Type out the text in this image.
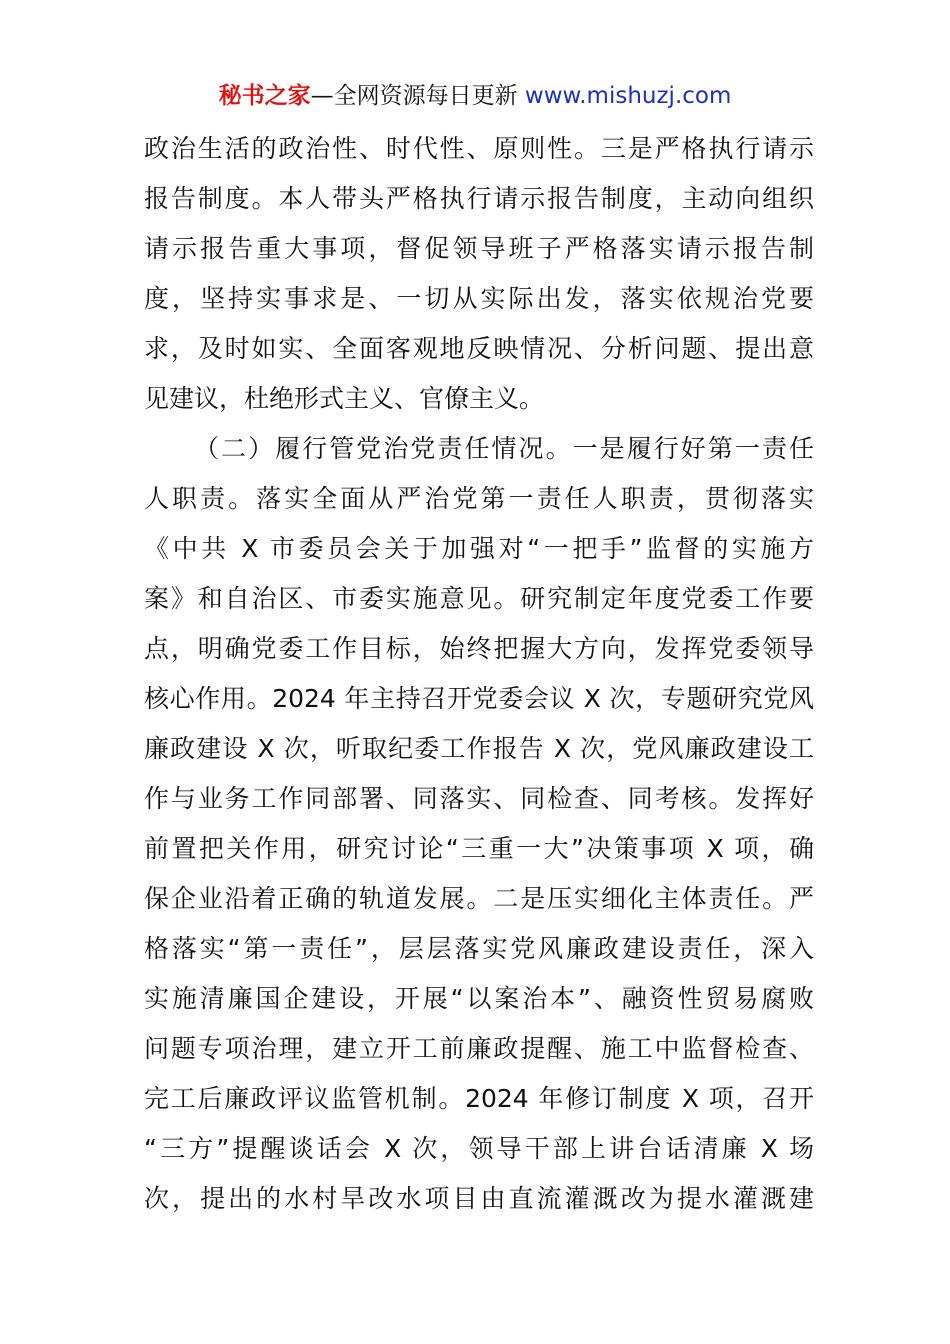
秘书之家—全网资源每日更新 www.mishuzj.com
政治生活的政治性、时代性、原则性。三是严格执行请示
报告制度。本人带头严格执行请示报告制度，主动向组织
请示报告重大事项，督促领导班子严格落实请示报告制
度，坚持实事求是、一切从实际出发，落实依规治党要
求，及时如实、全面客观地反映情况、分析问题、提出意
见建议，杜绝形式主义、官僚主义。
（二）履行管党治党责任情况。一是履行好第一责任
人职责。落实全面从严治党第一责任人职责，贯彻落实
《中共 X 市委员会关于加强对“一把手”监督的实施方
案》和自治区、市委实施意见。研究制定年度党委工作要
点，明确党委工作目标，始终把握大方向，发挥党委领导
核心作用。2024 年主持召开党委会议 X 次，专题研究党风
廉政建设 X 次，听取纪委工作报告 X 次，党风廉政建设工
作与业务工作同部署、同落实、同检查、同考核。发挥好
前置把关作用，研究讨论“三重一大”决策事项 X 项，确
保企业沿着正确的轨道发展。二是压实细化主体责任。严
格落实“第一责任”，层层落实党风廉政建设责任，深入
实施清廉国企建设，开展“以案治本”、融资性贸易腐败
问题专项治理，建立开工前廉政提醒、施工中监督检查、
完工后廉政评议监管机制。2024 年修订制度 X 项，召开
“三方”提醒谈话会 X 次，领导干部上讲台话清廉 X 场
次，提出的水村旱改水项目由直流灌溉改为提水灌溉建
